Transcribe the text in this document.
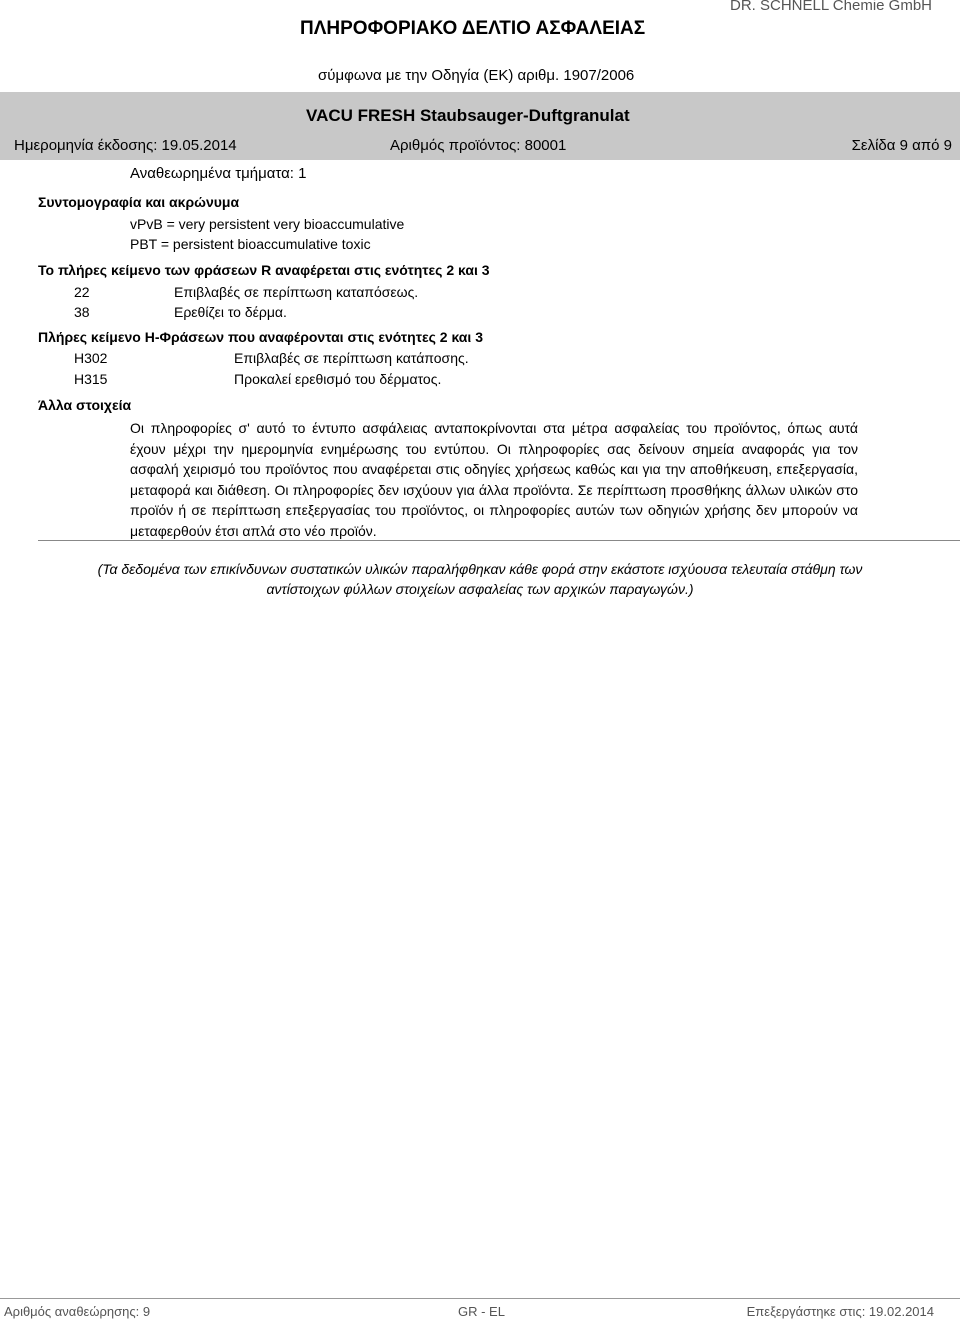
DR. SCHNELL Chemie GmbH
ΠΛΗΡΟΦΟΡΙΑΚΟ ΔΕΛΤΙΟ ΑΣΦΑΛΕΙΑΣ
σύμφωνα με την Οδηγία (ΕΚ) αριθμ. 1907/2006
VACU FRESH Staubsauger-Duftgranulat
Ημερομηνία έκδοσης: 19.05.2014	Αριθμός προϊόντος: 80001	Σελίδα 9 από 9
Αναθεωρημένα τμήματα: 1
Συντομογραφία και ακρώνυμα
vPvB = very persistent very bioaccumulative
PBT = persistent bioaccumulative toxic
Το πλήρες κείμενο των φράσεων R αναφέρεται στις ενότητες 2 και 3
22	Επιβλαβές σε περίπτωση καταπόσεως.
38	Ερεθίζει το δέρμα.
Πλήρες κείμενο Η-Φράσεων που αναφέρονται στις ενότητες 2 και 3
H302	Επιβλαβές σε περίπτωση κατάποσης.
H315	Προκαλεί ερεθισμό του δέρματος.
Άλλα στοιχεία
Οι πληροφορίες σ' αυτό το έντυπο ασφάλειας ανταποκρίνονται στα μέτρα ασφαλείας του προϊόντος, όπως αυτά έχουν μέχρι την ημερομηνία ενημέρωσης του εντύπου. Οι πληροφορίες σας δείνουν σημεία αναφοράς για τον ασφαλή χειρισμό του προϊόντος που αναφέρεται στις οδηγίες χρήσεως καθώς και για την αποθήκευση, επεξεργασία, μεταφορά και διάθεση. Οι πληροφορίες δεν ισχύουν για άλλα προϊόντα. Σε περίπτωση προσθήκης άλλων υλικών στο προϊόν ή σε περίπτωση επεξεργασίας του προϊόντος, οι πληροφορίες αυτών των οδηγιών χρήσης δεν μπορούν να μεταφερθούν έτσι απλά στο νέο προϊόν.
(Τα δεδομένα των επικίνδυνων συστατικών υλικών παραλήφθηκαν κάθε φορά στην εκάστοτε ισχύουσα τελευταία στάθμη των αντίστοιχων φύλλων στοιχείων ασφαλείας των αρχικών παραγωγών.)
Αριθμός αναθεώρησης: 9	GR - EL	Επεξεργάστηκε στις: 19.02.2014
